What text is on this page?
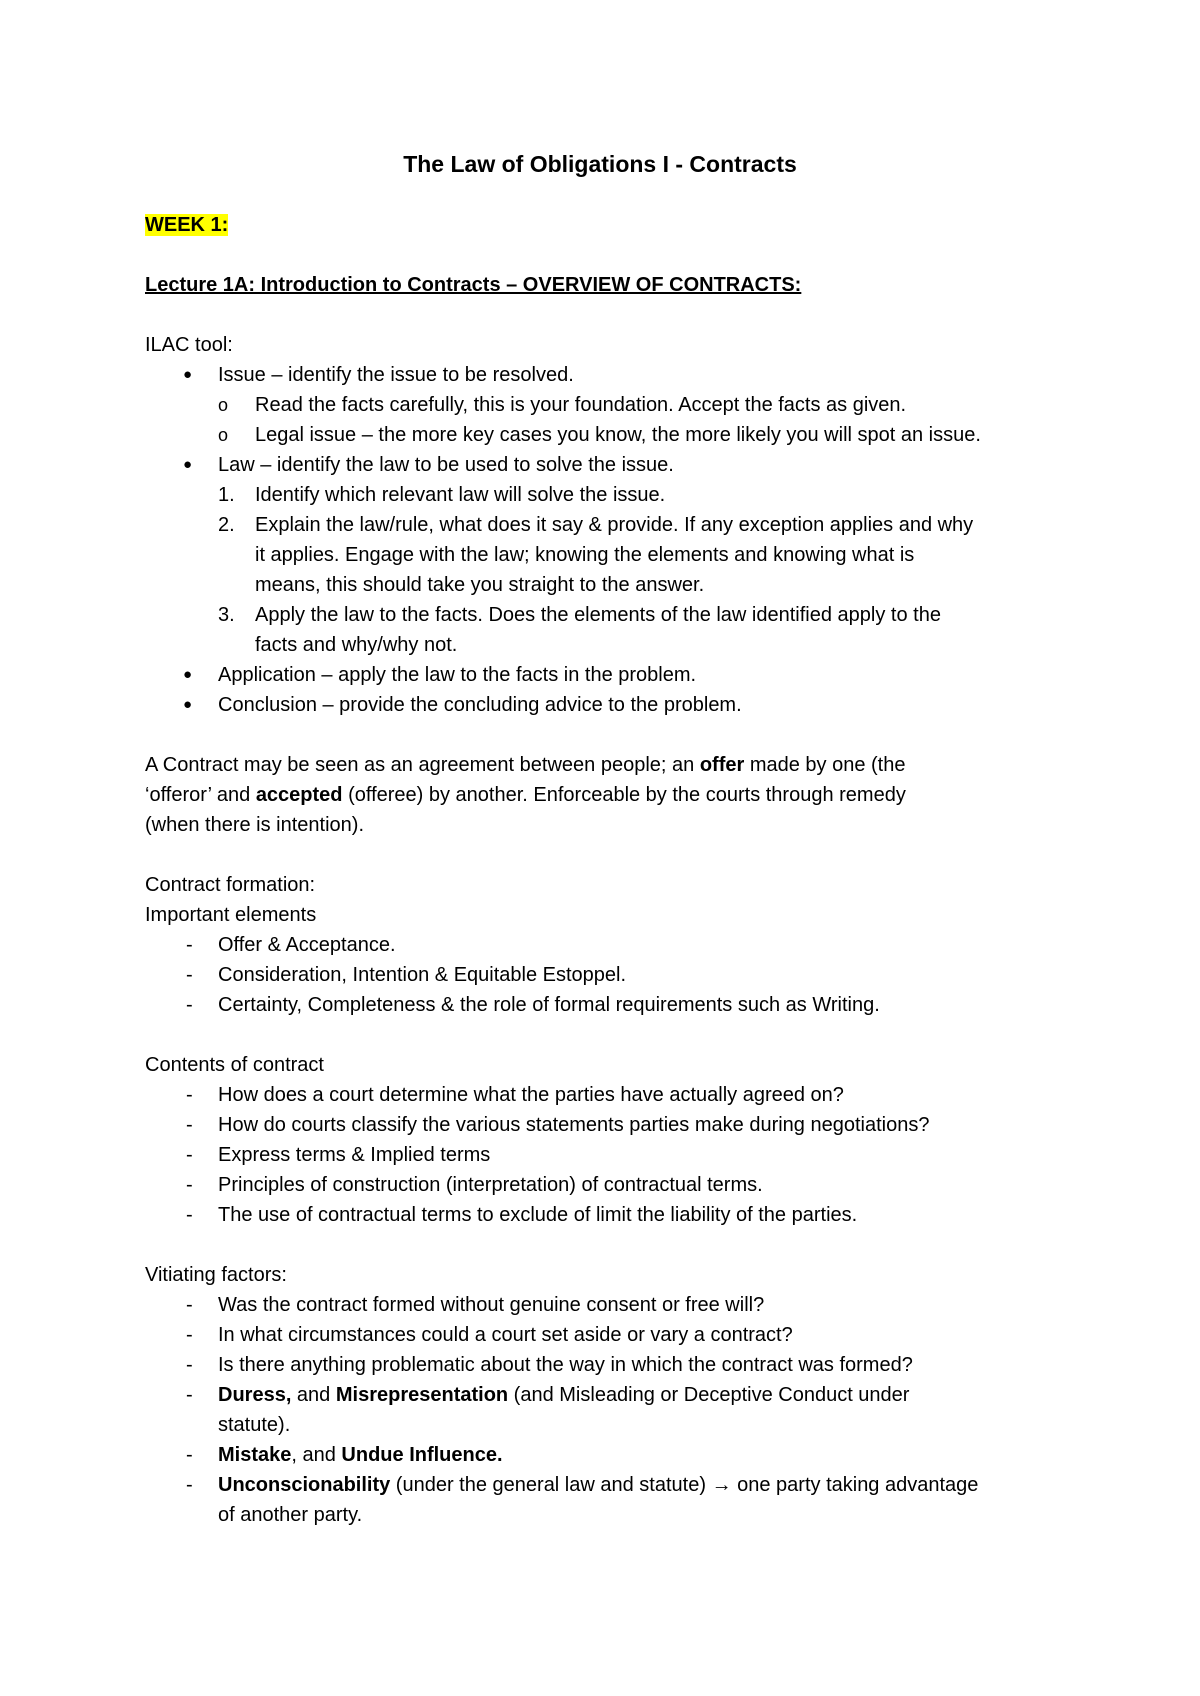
The Law of Obligations I - Contracts
WEEK 1:
Lecture 1A: Introduction to Contracts – OVERVIEW OF CONTRACTS:
ILAC tool:
● Issue – identify the issue to be resolved.
o Read the facts carefully, this is your foundation. Accept the facts as given.
o Legal issue – the more key cases you know, the more likely you will spot an issue.
● Law – identify the law to be used to solve the issue.
1. Identify which relevant law will solve the issue.
2. Explain the law/rule, what does it say & provide. If any exception applies and why
it applies. Engage with the law; knowing the elements and knowing what is
means, this should take you straight to the answer.
3. Apply the law to the facts. Does the elements of the law identified apply to the
facts and why/why not.
● Application – apply the law to the facts in the problem.
● Conclusion – provide the concluding advice to the problem.
A Contract may be seen as an agreement between people; an offer made by one (the
‘offeror’ and accepted (offeree) by another. Enforceable by the courts through remedy
(when there is intention).
Contract formation:
Important elements
- Offer & Acceptance.
- Consideration, Intention & Equitable Estoppel.
- Certainty, Completeness & the role of formal requirements such as Writing.
Contents of contract
- How does a court determine what the parties have actually agreed on?
- How do courts classify the various statements parties make during negotiations?
- Express terms & Implied terms
- Principles of construction (interpretation) of contractual terms.
- The use of contractual terms to exclude of limit the liability of the parties.
Vitiating factors:
- Was the contract formed without genuine consent or free will?
- In what circumstances could a court set aside or vary a contract?
- Is there anything problematic about the way in which the contract was formed?
- Duress, and Misrepresentation (and Misleading or Deceptive Conduct under
statute).
- Mistake, and Undue Influence.
- Unconscionability (under the general law and statute) → one party taking advantage
of another party.
